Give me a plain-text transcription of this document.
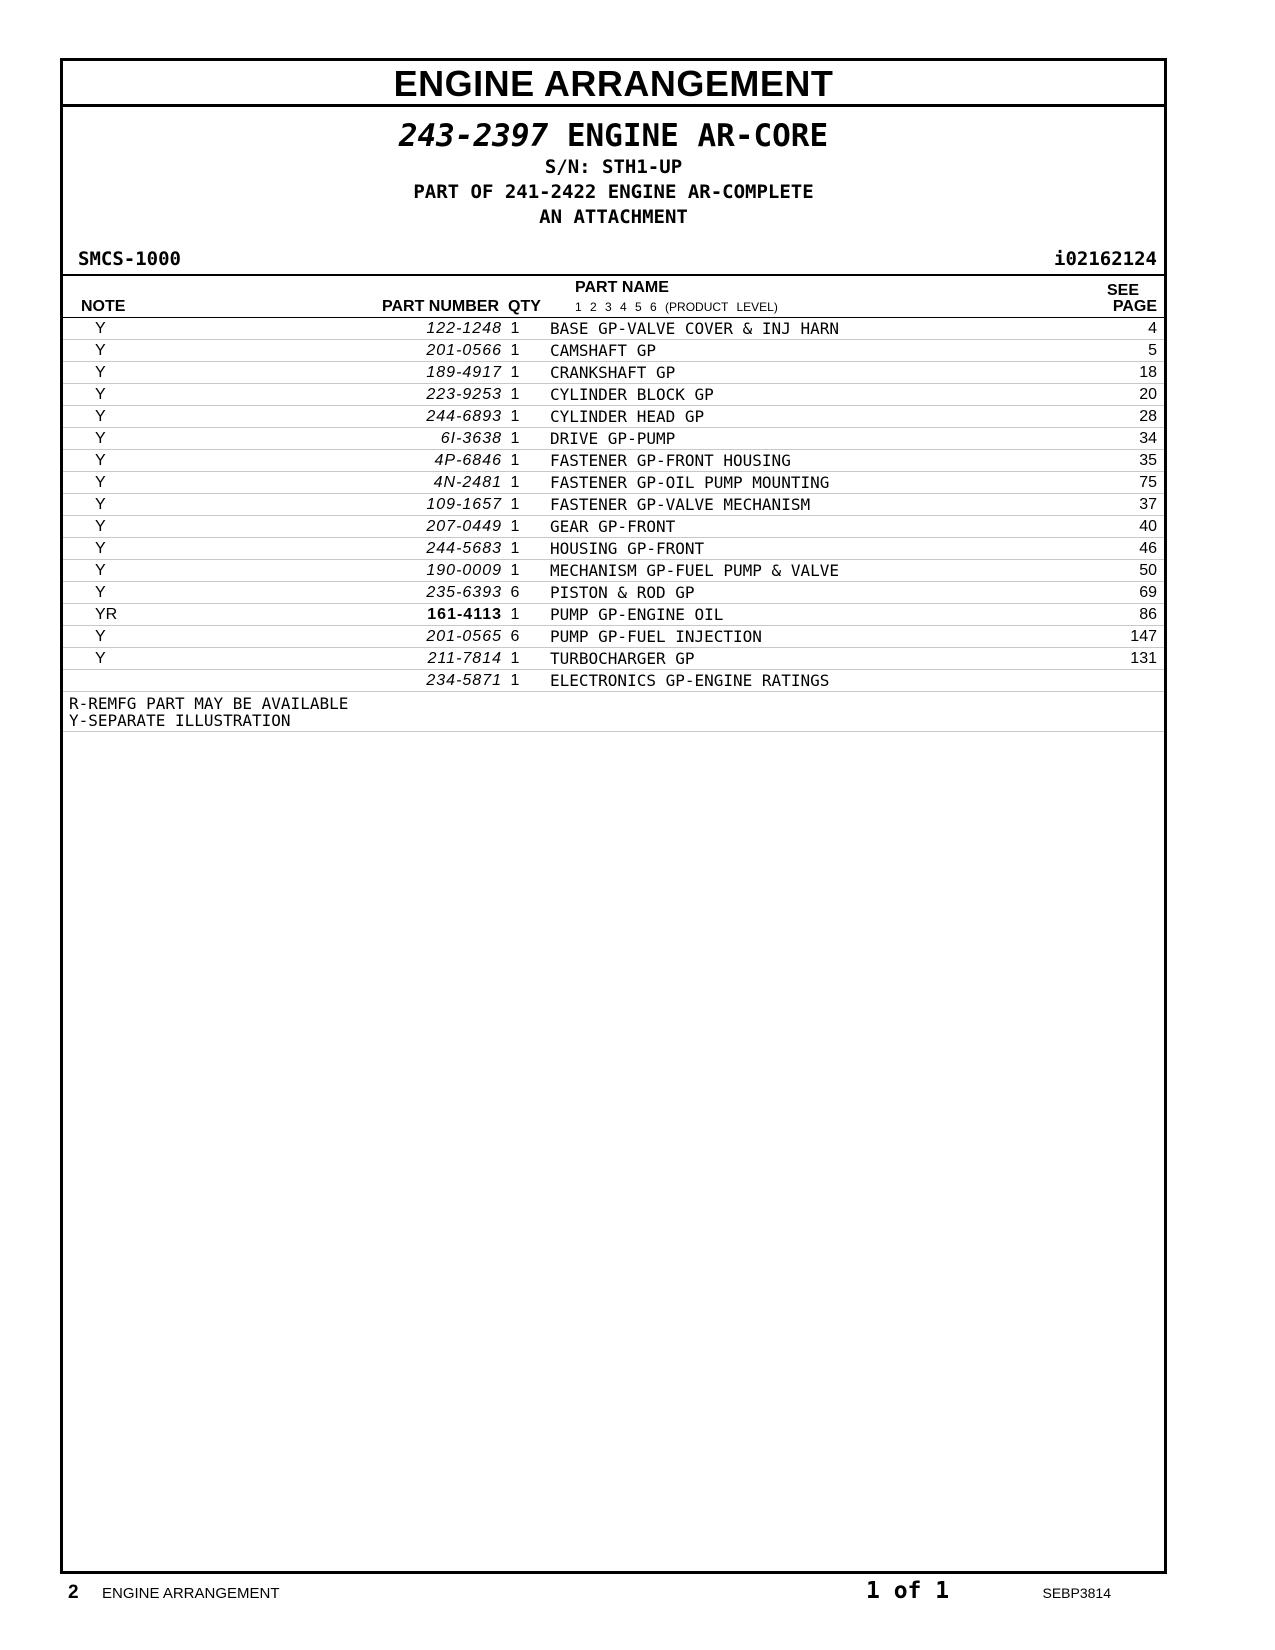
ENGINE ARRANGEMENT
243-2397 ENGINE AR-CORE
S/N: STH1-UP
PART OF 241-2422 ENGINE AR-COMPLETE
AN ATTACHMENT
SMCS-1000	i02162124
NOTE	PART NUMBER QTY
PART NAME
1 2 3 4 5 6 (PRODUCT LEVEL)
SEE
PAGE
Y	122-1248 1	BASE GP-VALVE COVER & INJ HARN	4
Y	201-0566 1	CAMSHAFT GP	5
Y	189-4917 1	CRANKSHAFT GP	18
Y	223-9253 1	CYLINDER BLOCK GP	20
Y	244-6893 1	CYLINDER HEAD GP	28
Y	6I-3638 1	DRIVE GP-PUMP	34
Y	4P-6846 1	FASTENER GP-FRONT HOUSING	35
Y	4N-2481 1	FASTENER GP-OIL PUMP MOUNTING	75
Y	109-1657 1	FASTENER GP-VALVE MECHANISM	37
Y	207-0449 1	GEAR GP-FRONT	40
Y	244-5683 1	HOUSING GP-FRONT	46
Y	190-0009 1	MECHANISM GP-FUEL PUMP & VALVE	50
Y	235-6393 6	PISTON & ROD GP	69
YR	161-4113 1	PUMP GP-ENGINE OIL	86
Y	201-0565 6	PUMP GP-FUEL INJECTION	147
Y	211-7814 1	TURBOCHARGER GP	131
234-5871 1	ELECTRONICS GP-ENGINE RATINGS
R-REMFG PART MAY BE AVAILABLE
Y-SEPARATE ILLUSTRATION
2 ENGINE ARRANGEMENT	1 of 1	SEBP3814
